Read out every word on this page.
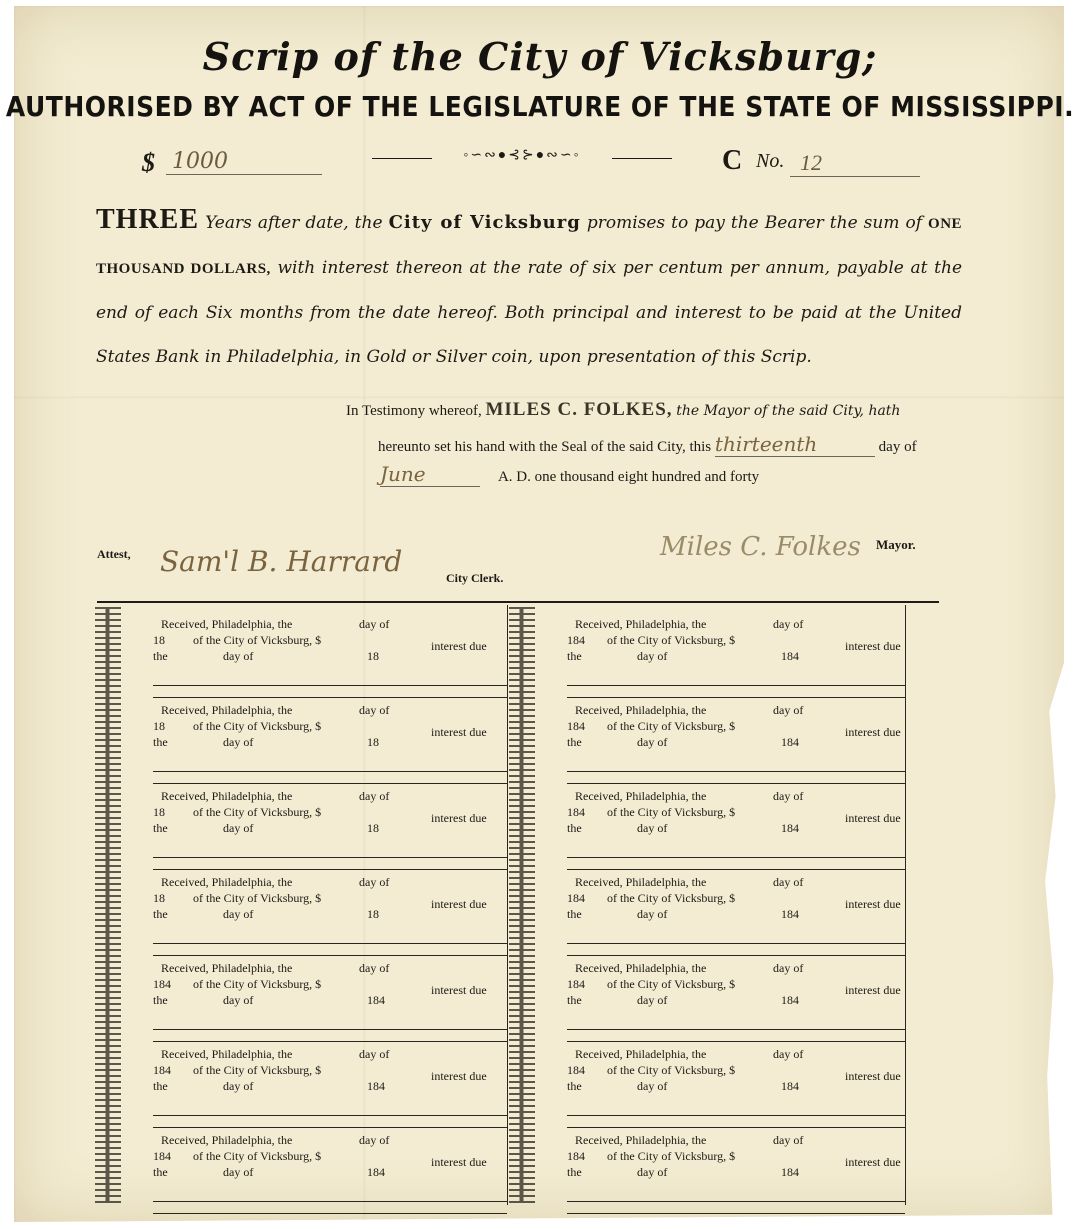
Scrip of the City of Vicksburg;
AUTHORISED BY ACT OF THE LEGISLATURE OF THE STATE OF MISSISSIPPI.
$ 1000	◦∽∾●⊰⊱●∾∽◦	C No. 12
THREE Years after date, the City of Vicksburg promises to pay the Bearer the sum of ONE THOUSAND DOLLARS, with interest thereon at the rate of six per centum per annum, payable at the end of each Six months from the date hereof. Both principal and interest to be paid at the United States Bank in Philadelphia, in Gold or Silver coin, upon presentation of this Scrip.
In Testimony whereof, MILES C. FOLKES, the Mayor of the said City, hath
hereunto set his hand with the Seal of the said City, this thirteenth	day of
June	A. D. one thousand eight hundred and forty
Attest, Sam'l B. Harrard	City Clerk.
Miles C. Folkes Mayor.
Received, Philadelphia, the	day of
18 of the City of Vicksburg, $	interest due
the	day of	18
Received, Philadelphia, the	day of
18 of the City of Vicksburg, $	interest due
the	day of	18
Received, Philadelphia, the	day of
18 of the City of Vicksburg, $	interest due
the	day of	18
Received, Philadelphia, the	day of
18 of the City of Vicksburg, $	interest due
the	day of	18
Received, Philadelphia, the	day of
184 of the City of Vicksburg, $	interest due
the	day of	184
Received, Philadelphia, the	day of
184 of the City of Vicksburg, $	interest due
the	day of	184
Received, Philadelphia, the	day of
184 of the City of Vicksburg, $	interest due
the	day of	184
Received, Philadelphia, the	day of
184 of the City of Vicksburg, $	interest due
the	day of	184
Received, Philadelphia, the	day of
184 of the City of Vicksburg, $	interest due
the	day of	184
Received, Philadelphia, the	day of
184 of the City of Vicksburg, $	interest due
the	day of	184
Received, Philadelphia, the	day of
184 of the City of Vicksburg, $	interest due
the	day of	184
Received, Philadelphia, the	day of
184 of the City of Vicksburg, $	interest due
the	day of	184
Received, Philadelphia, the	day of
184 of the City of Vicksburg, $	interest due
the	day of	184
Received, Philadelphia, the	day of
184 of the City of Vicksburg, $	interest due
the	day of	184
